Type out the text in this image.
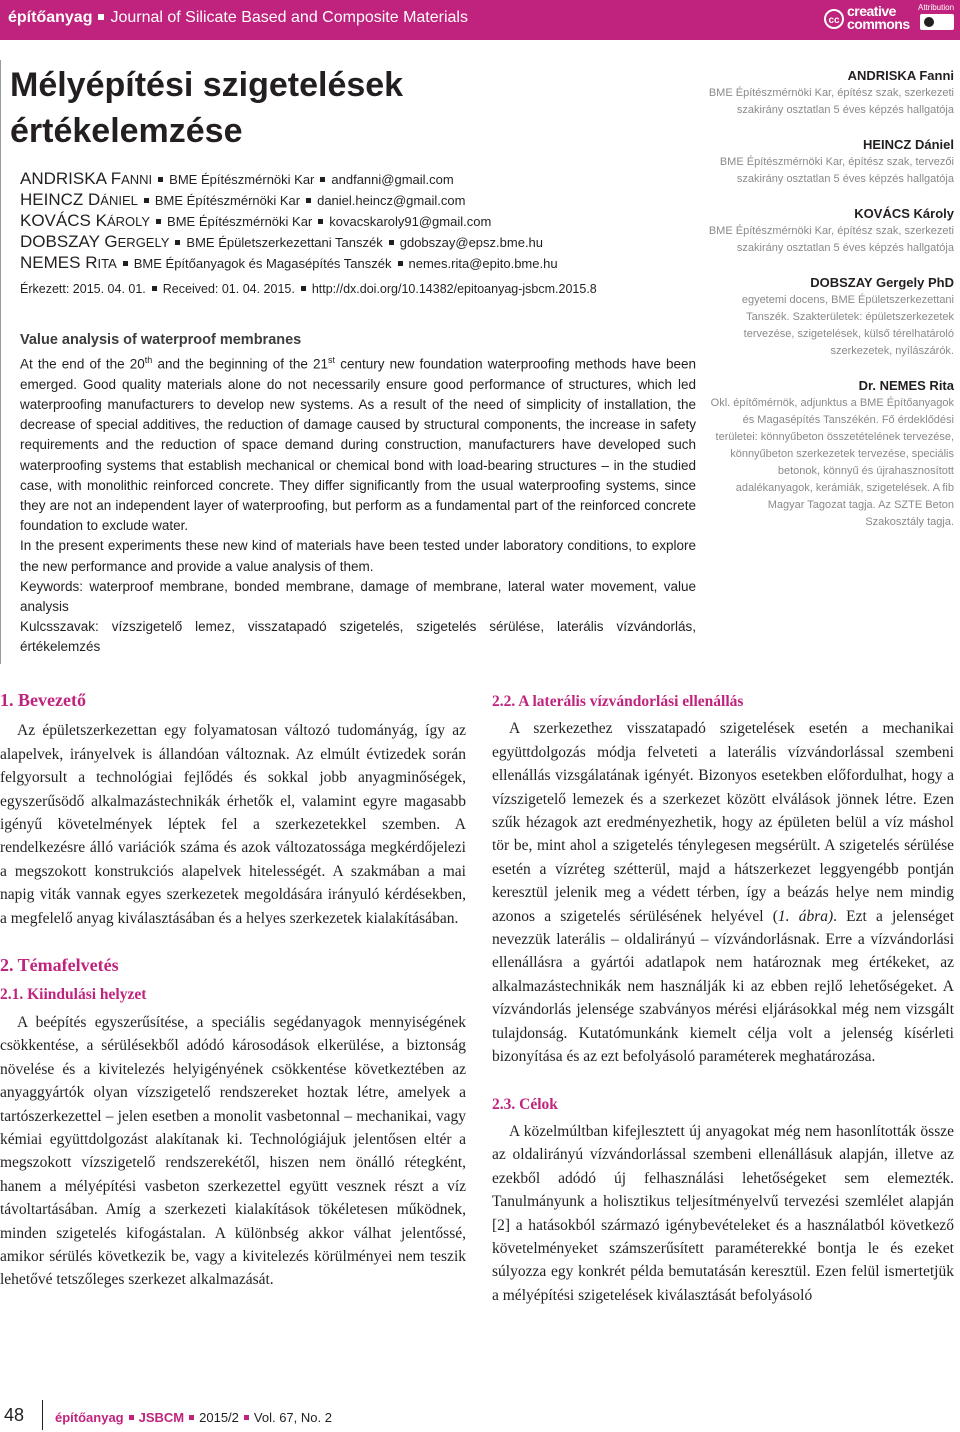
építőanyag Journal of Silicate Based and Composite Materials	cc
creative commons
Attribution
Mélyépítési szigetelések
értékelemzése
ANDRISKA FANNI BME Építészmérnöki Kar andfanni@gmail.com
HEINCZ DÁNIEL BME Építészmérnöki Kar daniel.heincz@gmail.com
KOVÁCS KÁROLY BME Építészmérnöki Kar kovacskaroly91@gmail.com
DOBSZAY GERGELY BME Épületszerkezettani Tanszék gdobszay@epsz.bme.hu
NEMES RITA BME Építőanyagok és Magasépítés Tanszék nemes.rita@epito.bme.hu
Érkezett: 2015. 04. 01. Received: 01. 04. 2015. http://dx.doi.org/10.14382/epitoanyag-jsbcm.2015.8
Value analysis of waterproof membranes

At the end of the 20th and the beginning of the 21st century new foundation waterproofing methods have been emerged. Good quality materials alone do not necessarily ensure good performance of structures, which led waterproofing manufacturers to develop new systems. As a result of the need of simplicity of installation, the decrease of special additives, the reduction of damage caused by structural components, the increase in safety requirements and the reduction of space demand during construction, manufacturers have developed such waterproofing systems that establish mechanical or chemical bond with load-bearing structures – in the studied case, with monolithic reinforced concrete. They differ significantly from the usual waterproofing systems, since they are not an independent layer of waterproofing, but perform as a fundamental part of the reinforced concrete foundation to exclude water.

In the present experiments these new kind of materials have been tested under laboratory conditions, to explore the new performance and provide a value analysis of them.

Keywords: waterproof membrane, bonded membrane, damage of membrane, lateral water movement, value analysis

Kulcsszavak: vízszigetelő lemez, visszatapadó szigetelés, szigetelés sérülése, laterális vízvándorlás, értékelemzés

ANDRISKA Fanni
BME Építészmérnöki Kar, építész szak, szerkezeti szakirány osztatlan 5 éves képzés hallgatója
HEINCZ Dániel
BME Építészmérnöki Kar, építész szak, tervezői szakirány osztatlan 5 éves képzés hallgatója
KOVÁCS Károly
BME Építészmérnöki Kar, építész szak, szerkezeti szakirány osztatlan 5 éves képzés hallgatója
DOBSZAY Gergely PhD
egyetemi docens, BME Épületszerkezettani Tanszék. Szakterületek: épületszerkezetek tervezése, szigetelések, külső térelhatároló szerkezetek, nyílászárók.
Dr. NEMES Rita
Okl. építőmérnök, adjunktus a BME Építőanyagok és Magasépítés Tanszékén. Fő érdeklődési területei: könnyűbeton összetételének tervezése, könnyűbeton szerkezetek tervezése, speciális betonok, könnyű és újrahasznosított adalékanyagok, kerámiák, szigetelések. A fib Magyar Tagozat tagja. Az SZTE Beton Szakosztály tagja.
1. Bevezető

Az épületszerkezettan egy folyamatosan változó tudományág, így az alapelvek, irányelvek is állandóan változnak. Az elmúlt évtizedek során felgyorsult a technológiai fejlődés és sokkal jobb anyagminőségek, egyszerűsödő alkalmazástechnikák érhetők el, valamint egyre magasabb igényű követelmények léptek fel a szerkezetekkel szemben. A rendelkezésre álló variációk száma és azok változatossága megkérdőjelezi a megszokott konstrukciós alapelvek hitelességét. A szakmában a mai napig viták vannak egyes szerkezetek megoldására irányuló kérdésekben, a megfelelő anyag kiválasztásában és a helyes szerkezetek kialakításában.

2. Témafelvetés
2.1. Kiindulási helyzet

A beépítés egyszerűsítése, a speciális segédanyagok mennyiségének csökkentése, a sérülésekből adódó károsodások elkerülése, a biztonság növelése és a kivitelezés helyigényének csökkentése következtében az anyaggyártók olyan vízszigetelő rendszereket hoztak létre, amelyek a tartószerkezettel – jelen esetben a monolit vasbetonnal – mechanikai, vagy kémiai együttdolgozást alakítanak ki. Technológiájuk jelentősen eltér a megszokott vízszigetelő rendszerekétől, hiszen nem önálló rétegként, hanem a mélyépítési vasbeton szerkezettel együtt vesznek részt a víz távoltartásában. Amíg a szerkezeti kialakítások tökéletesen működnek, minden szigetelés kifogástalan. A különbség akkor válhat jelentőssé, amikor sérülés következik be, vagy a kivitelezés körülményei nem teszik lehetővé tetszőleges szerkezet alkalmazását.

2.2. A laterális vízvándorlási ellenállás

A szerkezethez visszatapadó szigetelések esetén a mechanikai együttdolgozás módja felveteti a laterális vízvándorlással szembeni ellenállás vizsgálatának igényét. Bizonyos esetekben előfordulhat, hogy a vízszigetelő lemezek és a szerkezet között elválások jönnek létre. Ezen szűk hézagok azt eredményezhetik, hogy az épületen belül a víz máshol tör be, mint ahol a szigetelés ténylegesen megsérült. A szigetelés sérülése esetén a vízréteg szétterül, majd a hátszerkezet leggyengébb pontján keresztül jelenik meg a védett térben, így a beázás helye nem mindig azonos a szigetelés sérülésének helyével (1. ábra). Ezt a jelenséget nevezzük laterális – oldalirányú – vízvándorlásnak. Erre a vízvándorlási ellenállásra a gyártói adatlapok nem határoznak meg értékeket, az alkalmazástechnikák nem használják ki az ebben rejlő lehetőségeket. A vízvándorlás jelensége szabványos mérési eljárásokkal még nem vizsgált tulajdonság. Kutatómunkánk kiemelt célja volt a jelenség kísérleti bizonyítása és az ezt befolyásoló paraméterek meghatározása.

2.3. Célok

A közelmúltban kifejlesztett új anyagokat még nem hasonlították össze az oldalirányú vízvándorlással szembeni ellenállásuk alapján, illetve az ezekből adódó új felhasználási lehetőségeket sem elemezték. Tanulmányunk a holisztikus teljesítményelvű tervezési szemlélet alapján [2] a hatásokból származó igénybevételeket és a használatból következő követelményeket számszerűsített paraméterekké bontja le és ezeket súlyozza egy konkrét példa bemutatásán keresztül. Ezen felül ismertetjük a mélyépítési szigetelések kiválasztását befolyásoló

48 építőanyag JSBCM 2015/2 Vol. 67, No. 2
